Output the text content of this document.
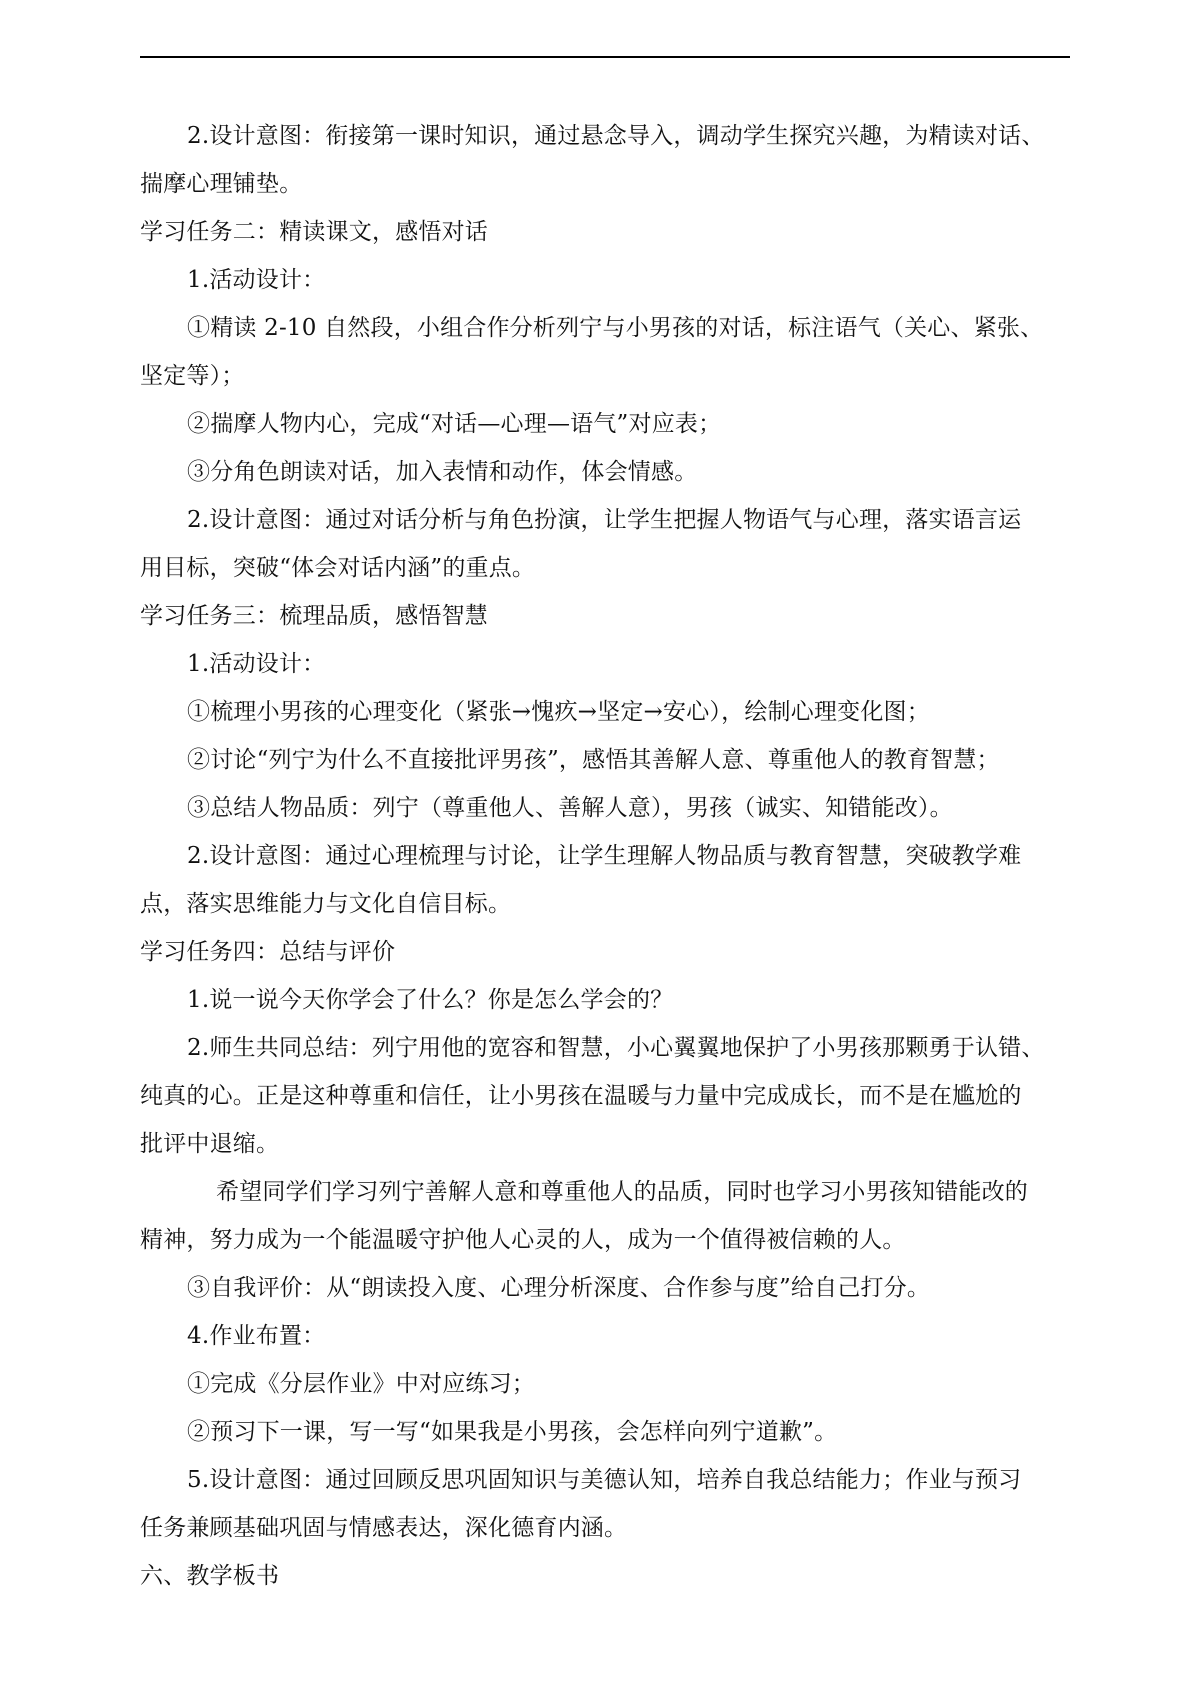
2.设计意图：衔接第一课时知识，通过悬念导入，调动学生探究兴趣，为精读对话、
揣摩心理铺垫。
学习任务二：精读课文，感悟对话
1.活动设计：
①精读 2-10 自然段，小组合作分析列宁与小男孩的对话，标注语气（关心、紧张、
坚定等）；
②揣摩人物内心，完成“对话—心理—语气”对应表；
③分角色朗读对话，加入表情和动作，体会情感。
2.设计意图：通过对话分析与角色扮演，让学生把握人物语气与心理，落实语言运
用目标，突破“体会对话内涵”的重点。
学习任务三：梳理品质，感悟智慧
1.活动设计：
①梳理小男孩的心理变化（紧张→愧疚→坚定→安心），绘制心理变化图；
②讨论“列宁为什么不直接批评男孩”，感悟其善解人意、尊重他人的教育智慧；
③总结人物品质：列宁（尊重他人、善解人意），男孩（诚实、知错能改）。
2.设计意图：通过心理梳理与讨论，让学生理解人物品质与教育智慧，突破教学难
点，落实思维能力与文化自信目标。
学习任务四：总结与评价
1.说一说今天你学会了什么？你是怎么学会的？
2.师生共同总结：列宁用他的宽容和智慧，小心翼翼地保护了小男孩那颗勇于认错、
纯真的心。正是这种尊重和信任，让小男孩在温暖与力量中完成成长，而不是在尴尬的
批评中退缩。
希望同学们学习列宁善解人意和尊重他人的品质，同时也学习小男孩知错能改的
精神，努力成为一个能温暖守护他人心灵的人，成为一个值得被信赖的人。
③自我评价：从“朗读投入度、心理分析深度、合作参与度”给自己打分。
4.作业布置：
①完成《分层作业》中对应练习；
②预习下一课，写一写“如果我是小男孩，会怎样向列宁道歉”。
5.设计意图：通过回顾反思巩固知识与美德认知，培养自我总结能力；作业与预习
任务兼顾基础巩固与情感表达，深化德育内涵。
六、教学板书
